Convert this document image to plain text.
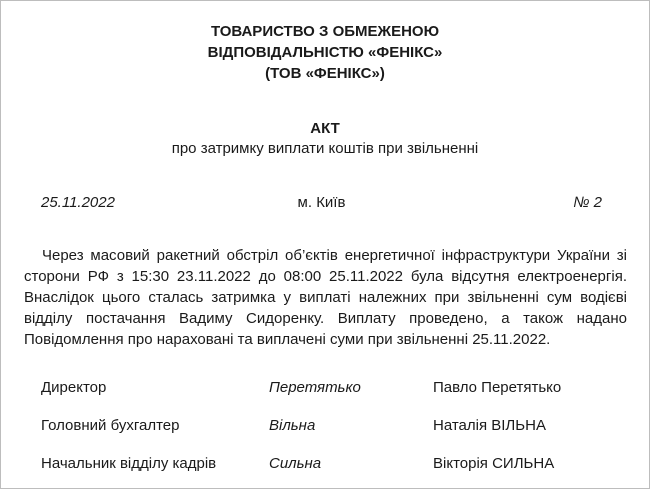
ТОВАРИСТВО З ОБМЕЖЕНОЮ
ВІДПОВІДАЛЬНІСТЮ «ФЕНІКС»
(ТОВ «ФЕНІКС»)
АКТ
про затримку виплати коштів при звільненні
25.11.2022	м. Київ	№ 2

Через масовий ракетний обстріл об’єктів енергетичної інфраструктури України зі сторони РФ з 15:30 23.11.2022 до 08:00 25.11.2022 була відсутня електроенергія. Внаслідок цього сталась затримка у виплаті належних при звільненні сум водієві відділу постачання Вадиму Сидоренку. Виплату проведено, а також надано Повідомлення про нараховані та виплачені суми при звільненні 25.11.2022.

Директор	Перетятько	Павло Перетятько
Головний бухгалтер	Вільна	Наталія ВІЛЬНА
Начальник відділу кадрів	Сильна	Вікторія СИЛЬНА
